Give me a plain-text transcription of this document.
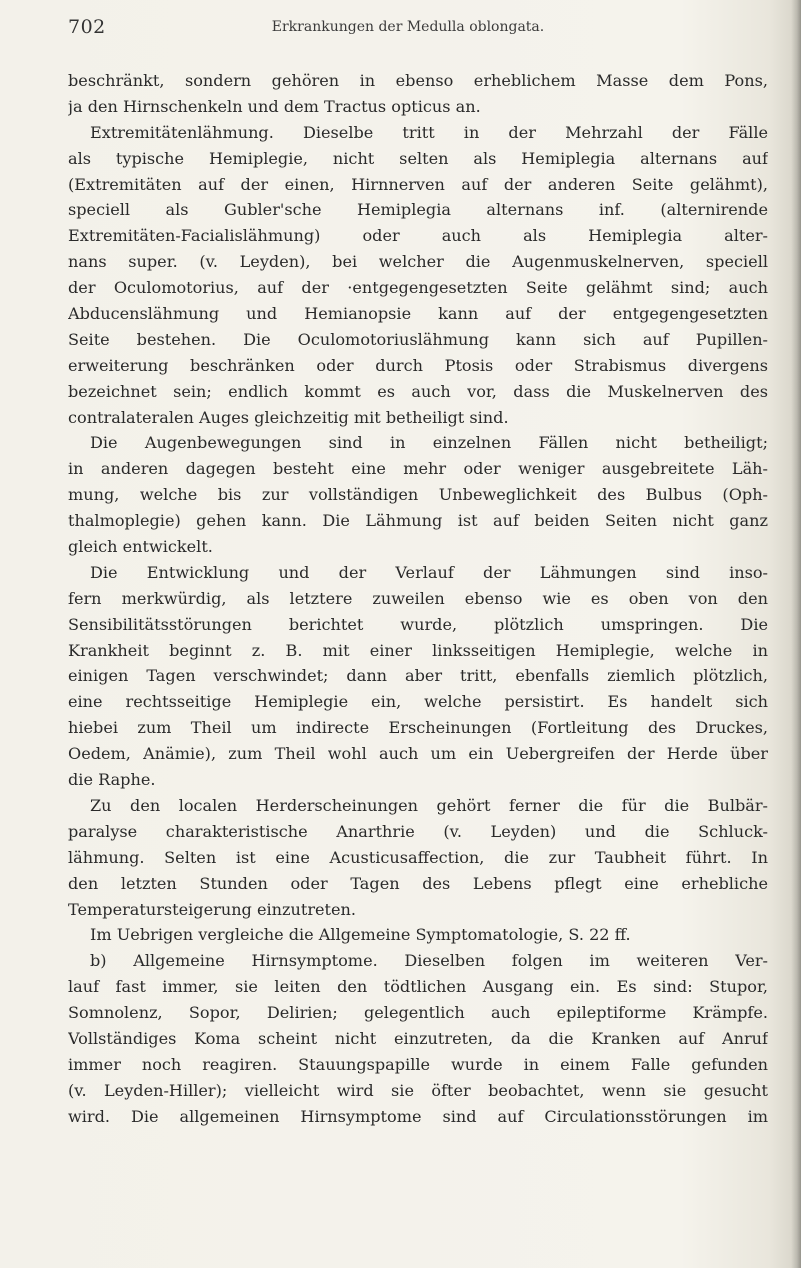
702	Erkrankungen der Medulla oblongata.
beschränkt, sondern gehören in ebenso erheblichem Masse dem Pons,
ja den Hirnschenkeln und dem Tractus opticus an.
Extremitätenlähmung. Dieselbe tritt in der Mehrzahl der Fälle
als typische Hemiplegie, nicht selten als Hemiplegia alternans auf
(Extremitäten auf der einen, Hirnnerven auf der anderen Seite gelähmt),
speciell als Gubler'sche Hemiplegia alternans inf. (alternirende
Extremitäten-Facialislähmung) oder auch als Hemiplegia alter-
nans super. (v. Leyden), bei welcher die Augenmuskelnerven, speciell
der Oculomotorius, auf der ·entgegengesetzten Seite gelähmt sind; auch
Abducenslähmung und Hemianopsie kann auf der entgegengesetzten
Seite bestehen. Die Oculomotoriuslähmung kann sich auf Pupillen-
erweiterung beschränken oder durch Ptosis oder Strabismus divergens
bezeichnet sein; endlich kommt es auch vor, dass die Muskelnerven des
contralateralen Auges gleichzeitig mit betheiligt sind.
Die Augenbewegungen sind in einzelnen Fällen nicht betheiligt;
in anderen dagegen besteht eine mehr oder weniger ausgebreitete Läh-
mung, welche bis zur vollständigen Unbeweglichkeit des Bulbus (Oph-
thalmoplegie) gehen kann. Die Lähmung ist auf beiden Seiten nicht ganz
gleich entwickelt.
Die Entwicklung und der Verlauf der Lähmungen sind inso-
fern merkwürdig, als letztere zuweilen ebenso wie es oben von den
Sensibilitätsstörungen berichtet wurde, plötzlich umspringen. Die
Krankheit beginnt z. B. mit einer linksseitigen Hemiplegie, welche in
einigen Tagen verschwindet; dann aber tritt, ebenfalls ziemlich plötzlich,
eine rechtsseitige Hemiplegie ein, welche persistirt. Es handelt sich
hiebei zum Theil um indirecte Erscheinungen (Fortleitung des Druckes,
Oedem, Anämie), zum Theil wohl auch um ein Uebergreifen der Herde über
die Raphe.
Zu den localen Herderscheinungen gehört ferner die für die Bulbär-
paralyse charakteristische Anarthrie (v. Leyden) und die Schluck-
lähmung. Selten ist eine Acusticusaffection, die zur Taubheit führt. In
den letzten Stunden oder Tagen des Lebens pflegt eine erhebliche
Temperatursteigerung einzutreten.
Im Uebrigen vergleiche die Allgemeine Symptomatologie, S. 22 ff.
b) Allgemeine Hirnsymptome. Dieselben folgen im weiteren Ver-
lauf fast immer, sie leiten den tödtlichen Ausgang ein. Es sind: Stupor,
Somnolenz, Sopor, Delirien; gelegentlich auch epileptiforme Krämpfe.
Vollständiges Koma scheint nicht einzutreten, da die Kranken auf Anruf
immer noch reagiren. Stauungspapille wurde in einem Falle gefunden
(v. Leyden-Hiller); vielleicht wird sie öfter beobachtet, wenn sie gesucht
wird. Die allgemeinen Hirnsymptome sind auf Circulationsstörungen im
